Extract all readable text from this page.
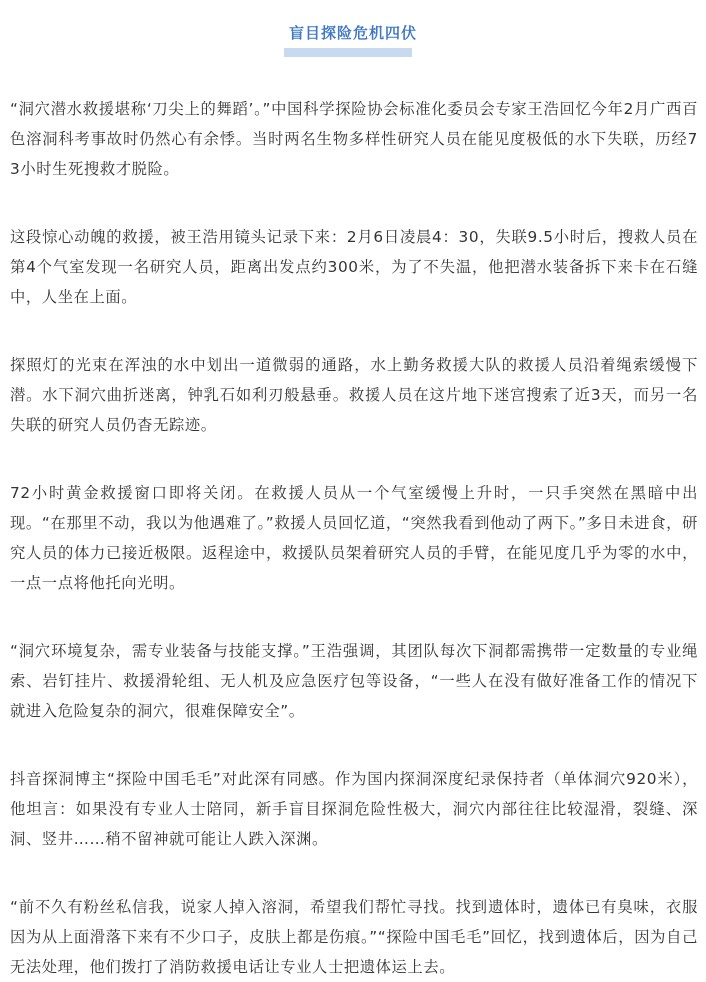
盲目探险危机四伏

“洞穴潜水救援堪称‘刀尖上的舞蹈’。”中国科学探险协会标准化委员会专家王浩回忆今年2月广西百色溶洞科考事故时仍然心有余悸。当时两名生物多样性研究人员在能见度极低的水下失联，历经73小时生死搜救才脱险。

这段惊心动魄的救援，被王浩用镜头记录下来：2月6日凌晨4：30，失联9.5小时后，搜救人员在第4个气室发现一名研究人员，距离出发点约300米，为了不失温，他把潜水装备拆下来卡在石缝中，人坐在上面。

探照灯的光束在浑浊的水中划出一道微弱的通路，水上勤务救援大队的救援人员沿着绳索缓慢下潜。水下洞穴曲折迷离，钟乳石如利刃般悬垂。救援人员在这片地下迷宫搜索了近3天，而另一名失联的研究人员仍杳无踪迹。

72小时黄金救援窗口即将关闭。在救援人员从一个气室缓慢上升时，一只手突然在黑暗中出现。“在那里不动，我以为他遇难了。”救援人员回忆道，“突然我看到他动了两下。”多日未进食，研究人员的体力已接近极限。返程途中，救援队员架着研究人员的手臂，在能见度几乎为零的水中，一点一点将他托向光明。

“洞穴环境复杂，需专业装备与技能支撑。”王浩强调，其团队每次下洞都需携带一定数量的专业绳索、岩钉挂片、救援滑轮组、无人机及应急医疗包等设备，“一些人在没有做好准备工作的情况下就进入危险复杂的洞穴，很难保障安全”。

抖音探洞博主“探险中国毛毛”对此深有同感。作为国内探洞深度纪录保持者（单体洞穴920米），他坦言：如果没有专业人士陪同，新手盲目探洞危险性极大，洞穴内部往往比较湿滑，裂缝、深洞、竖井……稍不留神就可能让人跌入深渊。

“前不久有粉丝私信我，说家人掉入溶洞，希望我们帮忙寻找。找到遗体时，遗体已有臭味，衣服因为从上面滑落下来有不少口子，皮肤上都是伤痕。”“探险中国毛毛”回忆，找到遗体后，因为自己无法处理，他们拨打了消防救援电话让专业人士把遗体运上去。
